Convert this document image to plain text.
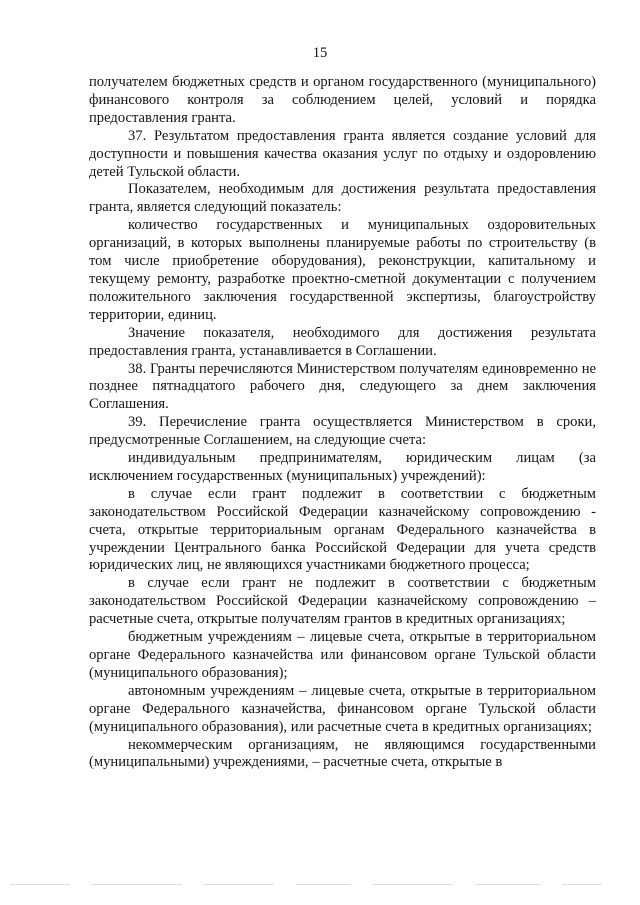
15

получателем бюджетных средств и органом государственного (муниципального) финансового контроля за соблюдением целей, условий и порядка предоставления гранта.

37. Результатом предоставления гранта является создание условий для доступности и повышения качества оказания услуг по отдыху и оздоровлению детей Тульской области.

Показателем, необходимым для достижения результата предоставления гранта, является следующий показатель:

количество государственных и муниципальных оздоровительных организаций, в которых выполнены планируемые работы по строительству (в том числе приобретение оборудования), реконструкции, капитальному и текущему ремонту, разработке проектно-сметной документации с получением положительного заключения государственной экспертизы, благоустройству территории, единиц.

Значение показателя, необходимого для достижения результата предоставления гранта, устанавливается в Соглашении.

38. Гранты перечисляются Министерством получателям единовременно не позднее пятнадцатого рабочего дня, следующего за днем заключения Соглашения.

39. Перечисление гранта осуществляется Министерством в сроки, предусмотренные Соглашением, на следующие счета:

индивидуальным предпринимателям, юридическим лицам (за исключением государственных (муниципальных) учреждений):

в случае если грант подлежит в соответствии с бюджетным законодательством Российской Федерации казначейскому сопровождению - счета, открытые территориальным органам Федерального казначейства в учреждении Центрального банка Российской Федерации для учета средств юридических лиц, не являющихся участниками бюджетного процесса;

в случае если грант не подлежит в соответствии с бюджетным законодательством Российской Федерации казначейскому сопровождению – расчетные счета, открытые получателям грантов в кредитных организациях;

бюджетным учреждениям – лицевые счета, открытые в территориальном органе Федерального казначейства или финансовом органе Тульской области (муниципального образования);

автономным учреждениям – лицевые счета, открытые в территориальном органе Федерального казначейства, финансовом органе Тульской области (муниципального образования), или расчетные счета в кредитных организациях;

некоммерческим организациям, не являющимся государственными (муниципальными) учреждениями, – расчетные счета, открытые в
